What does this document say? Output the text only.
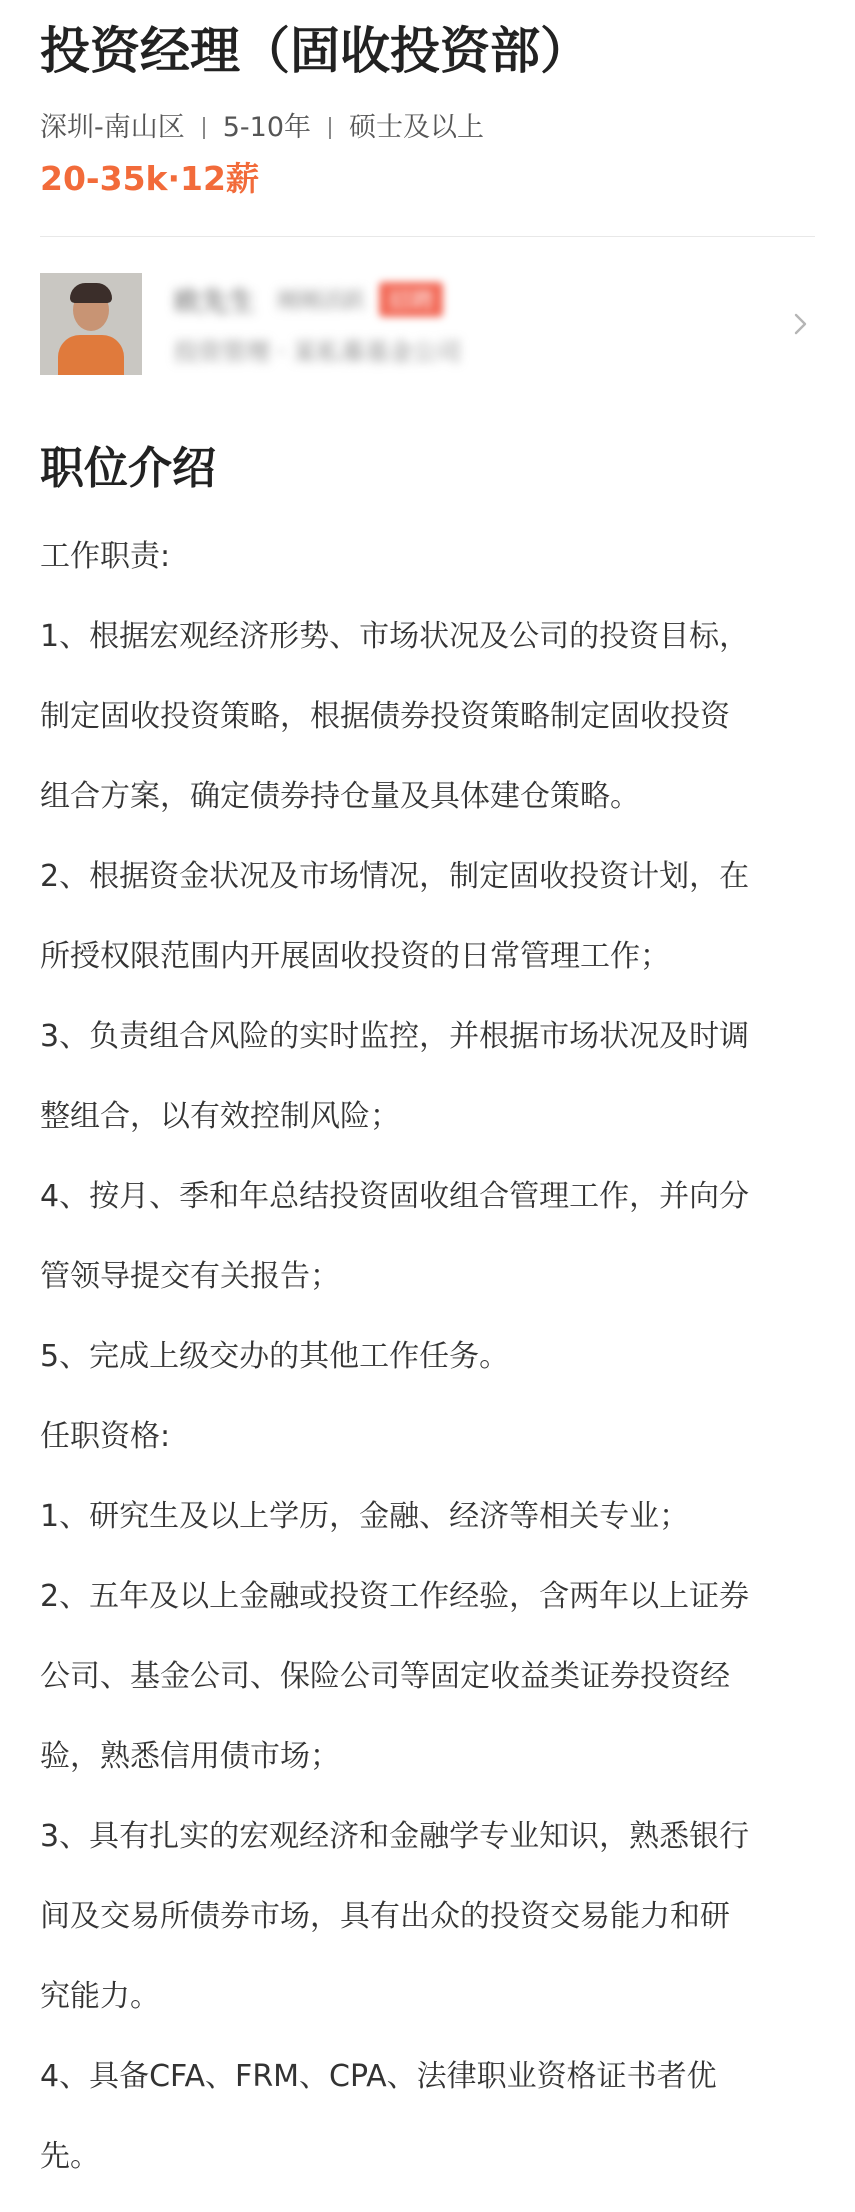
投资经理（固收投资部）
深圳-南山区 5-10年 硕士及以上
20-35k·12薪
欧先生 刚刚活跃	招聘
投资管理 · 某私募基金公司
职位介绍
工作职责:
1、根据宏观经济形势、市场状况及公司的投资目标，
制定固收投资策略，根据债券投资策略制定固收投资
组合方案，确定债券持仓量及具体建仓策略。
2、根据资金状况及市场情况，制定固收投资计划，在
所授权限范围内开展固收投资的日常管理工作；
3、负责组合风险的实时监控，并根据市场状况及时调
整组合，以有效控制风险；
4、按月、季和年总结投资固收组合管理工作，并向分
管领导提交有关报告；
5、完成上级交办的其他工作任务。
任职资格:
1、研究生及以上学历，金融、经济等相关专业；
2、五年及以上金融或投资工作经验，含两年以上证券
公司、基金公司、保险公司等固定收益类证券投资经
验，熟悉信用债市场；
3、具有扎实的宏观经济和金融学专业知识，熟悉银行
间及交易所债券市场，具有出众的投资交易能力和研
究能力。
4、具备CFA、FRM、CPA、法律职业资格证书者优
先。
